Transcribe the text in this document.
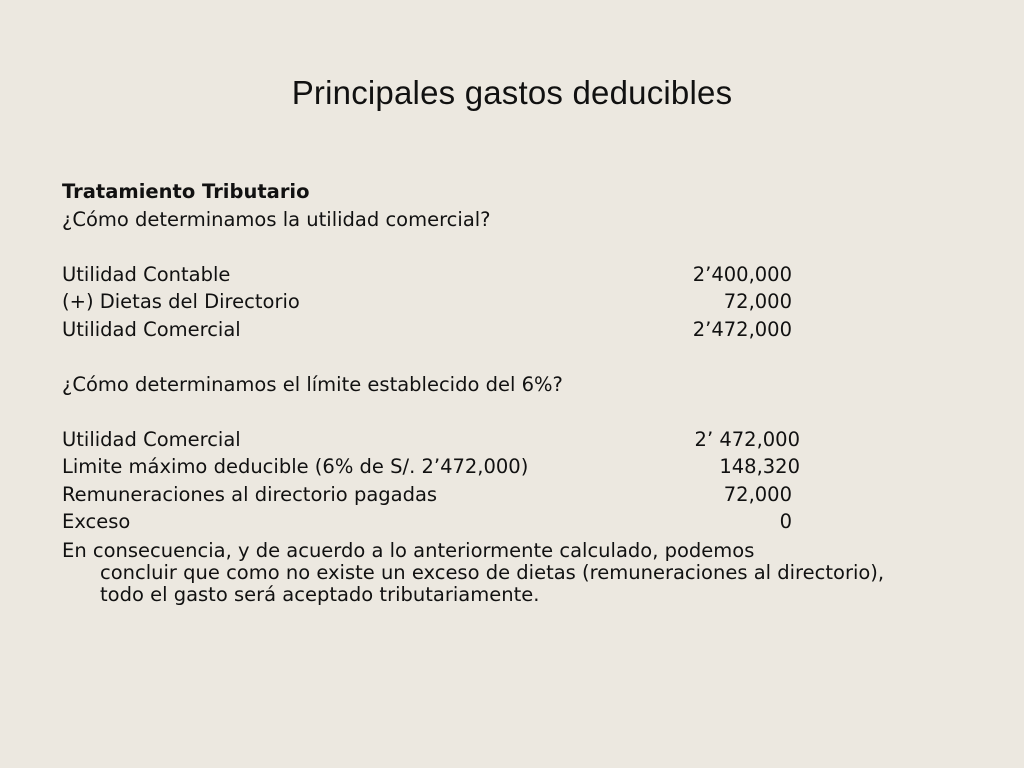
Principales gastos deducibles
Tratamiento Tributario
¿Cómo determinamos la utilidad comercial?
Utilidad Contable	2’400,000
(+) Dietas del Directorio	72,000
Utilidad Comercial	2’472,000
¿Cómo determinamos el límite establecido del 6%?
Utilidad Comercial	2’ 472,000
Limite máximo deducible (6% de S/. 2’472,000)	148,320
Remuneraciones al directorio pagadas	72,000
Exceso	0
En consecuencia, y de acuerdo a lo anteriormente calculado, podemos
concluir que como no existe un exceso de dietas (remuneraciones al directorio), todo el gasto será aceptado tributariamente.
